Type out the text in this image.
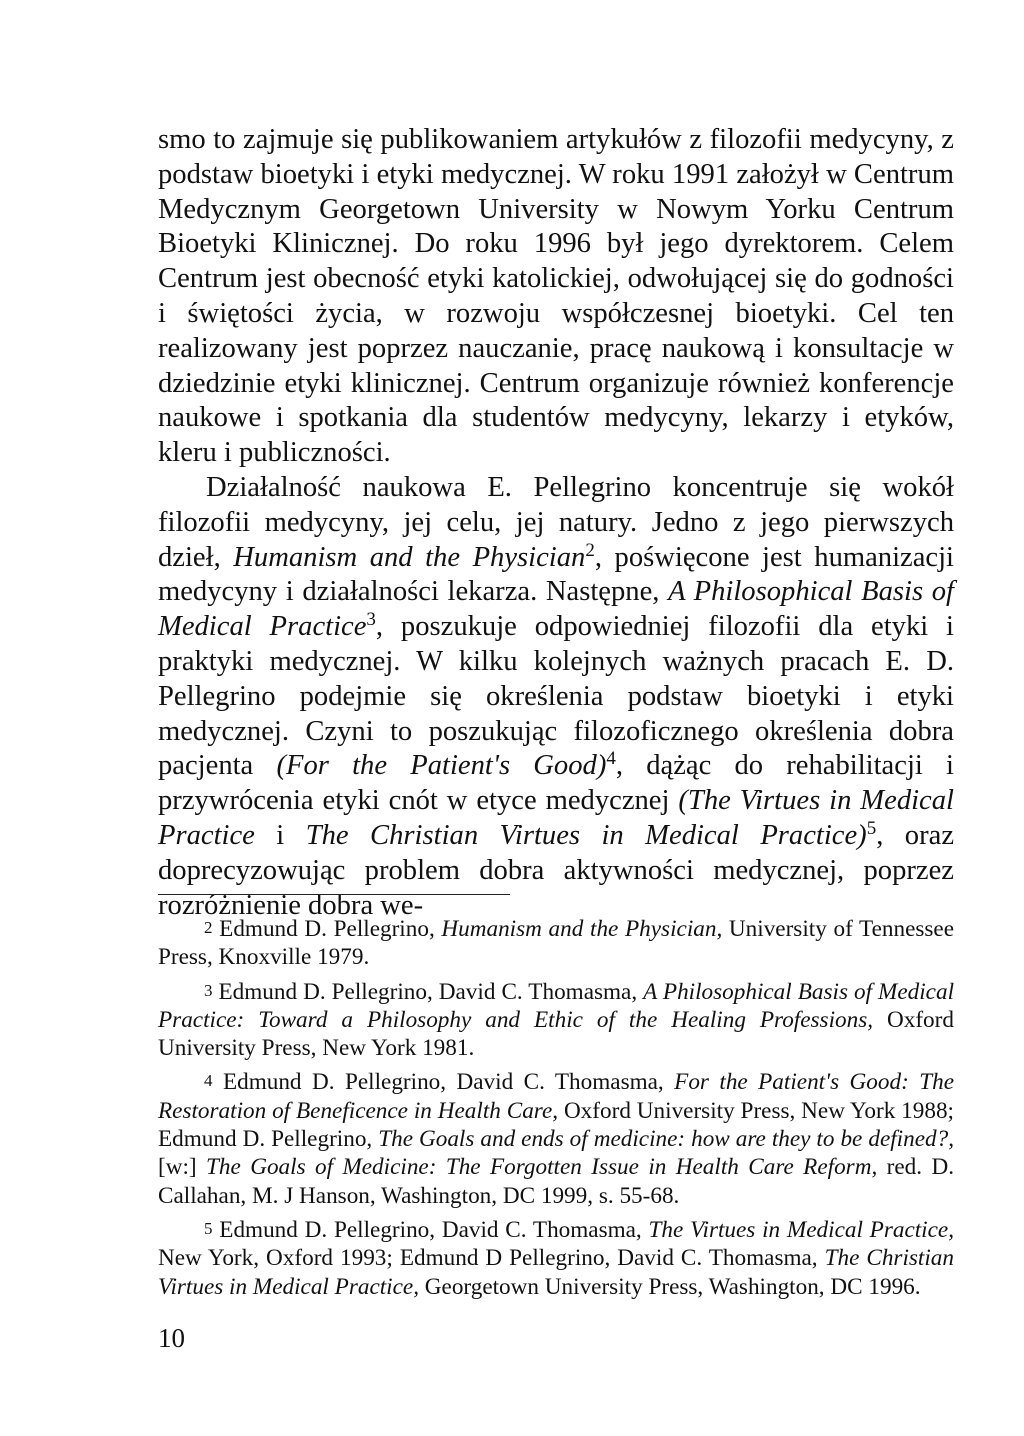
smo to zajmuje się publikowaniem artykułów z filozofii medycyny, z podstaw bioetyki i etyki medycznej. W roku 1991 założył w Centrum Medycznym Georgetown University w Nowym Yorku Centrum Bioetyki Klinicznej. Do roku 1996 był jego dyrektorem. Celem Centrum jest obecność etyki katolickiej, odwołującej się do godności i świętości życia, w rozwoju współczesnej bioetyki. Cel ten realizowany jest poprzez nauczanie, pracę naukową i konsultacje w dziedzinie etyki klinicznej. Centrum organizuje również konferencje naukowe i spotkania dla studentów medycyny, lekarzy i etyków, kleru i publiczności.

Działalność naukowa E. Pellegrino koncentruje się wokół filozofii medycyny, jej celu, jej natury. Jedno z jego pierwszych dzieł, Humanism and the Physician$^2$, poświęcone jest humanizacji medycyny i działalności lekarza. Następne, A Philosophical Basis of Medical Practice$^3$, poszukuje odpowiedniej filozofii dla etyki i praktyki medycznej. W kilku kolejnych ważnych pracach E. D. Pellegrino podejmie się określenia podstaw bioetyki i etyki medycznej. Czyni to poszukując filozoficznego określenia dobra pacjenta (For the Patient's Good)$^4$, dążąc do rehabilitacji i przywrócenia etyki cnót w etyce medycznej (The Virtues in Medical Practice i The Christian Virtues in Medical Practice)$^5$, oraz doprecyzowując problem dobra aktywności medycznej, poprzez rozróżnienie dobra we-

2 Edmund D. Pellegrino, Humanism and the Physician, University of Tennessee Press, Knoxville 1979.

3 Edmund D. Pellegrino, David C. Thomasma, A Philosophical Basis of Medical Practice: Toward a Philosophy and Ethic of the Healing Professions, Oxford University Press, New York 1981.

4 Edmund D. Pellegrino, David C. Thomasma, For the Patient's Good: The Restoration of Beneficence in Health Care, Oxford University Press, New York 1988; Edmund D. Pellegrino, The Goals and ends of medicine: how are they to be defined?, [w:] The Goals of Medicine: The Forgotten Issue in Health Care Reform, red. D. Callahan, M. J Hanson, Washington, DC 1999, s. 55-68.

5 Edmund D. Pellegrino, David C. Thomasma, The Virtues in Medical Practice, New York, Oxford 1993; Edmund D Pellegrino, David C. Thomasma, The Christian Virtues in Medical Practice, Georgetown University Press, Washington, DC 1996.

10
